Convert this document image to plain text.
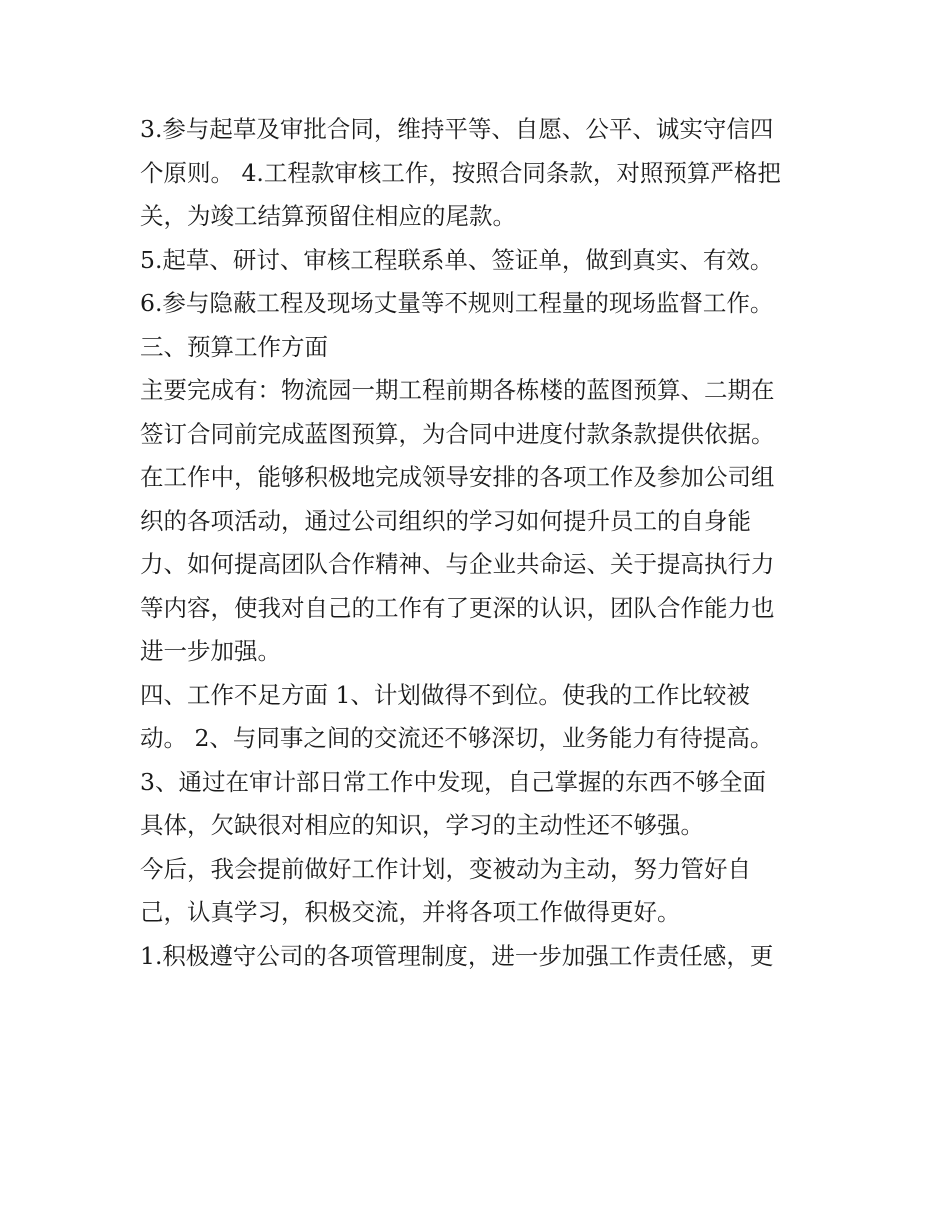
3.参与起草及审批合同，维持平等、自愿、公平、诚实守信四
个原则。 4.工程款审核工作，按照合同条款，对照预算严格把
关，为竣工结算预留住相应的尾款。
5.起草、研讨、审核工程联系单、签证单，做到真实、有效。
6.参与隐蔽工程及现场丈量等不规则工程量的现场监督工作。
三、预算工作方面
主要完成有：物流园一期工程前期各栋楼的蓝图预算、二期在
签订合同前完成蓝图预算，为合同中进度付款条款提供依据。
在工作中，能够积极地完成领导安排的各项工作及参加公司组
织的各项活动，通过公司组织的学习如何提升员工的自身能
力、如何提高团队合作精神、与企业共命运、关于提高执行力
等内容，使我对自己的工作有了更深的认识，团队合作能力也
进一步加强。
四、工作不足方面 1、计划做得不到位。使我的工作比较被
动。 2、与同事之间的交流还不够深切，业务能力有待提高。
3、通过在审计部日常工作中发现，自己掌握的东西不够全面
具体，欠缺很对相应的知识，学习的主动性还不够强。
今后，我会提前做好工作计划，变被动为主动，努力管好自
己，认真学习，积极交流，并将各项工作做得更好。
1.积极遵守公司的各项管理制度，进一步加强工作责任感，更
